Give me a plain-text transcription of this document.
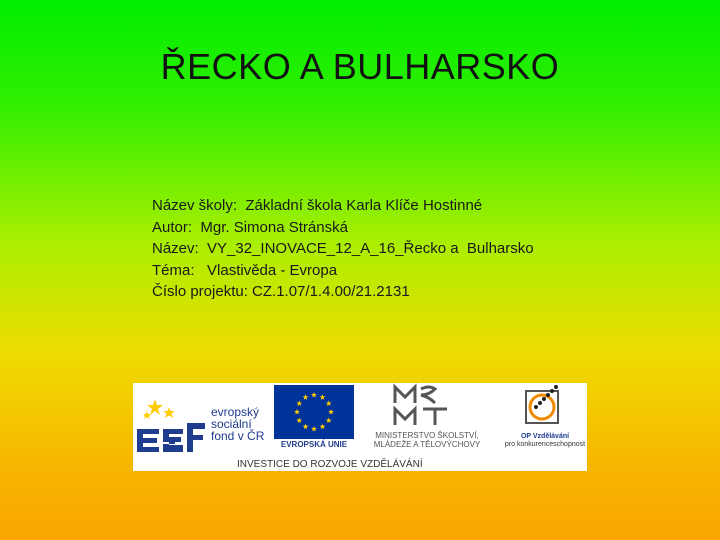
ŘECKO A BULHARSKO
Název školy:  Základní škola Karla Klíče Hostinné
Autor:  Mgr. Simona Stránská
Název:  VY_32_INOVACE_12_A_16_Řecko a  Bulharsko
Téma:   Vlastivěda - Evropa
Číslo projektu: CZ.1.07/1.4.00/21.2131
evropský
sociální
fond v ČR
EVROPSKÁ UNIE
MINISTERSTVO ŠKOLSTVÍ,
MLÁDEŽE A TĚLOVÝCHOVY
OP Vzdělávání
pro konkurenceschopnost
INVESTICE DO ROZVOJE VZDĚLÁVÁNÍ
